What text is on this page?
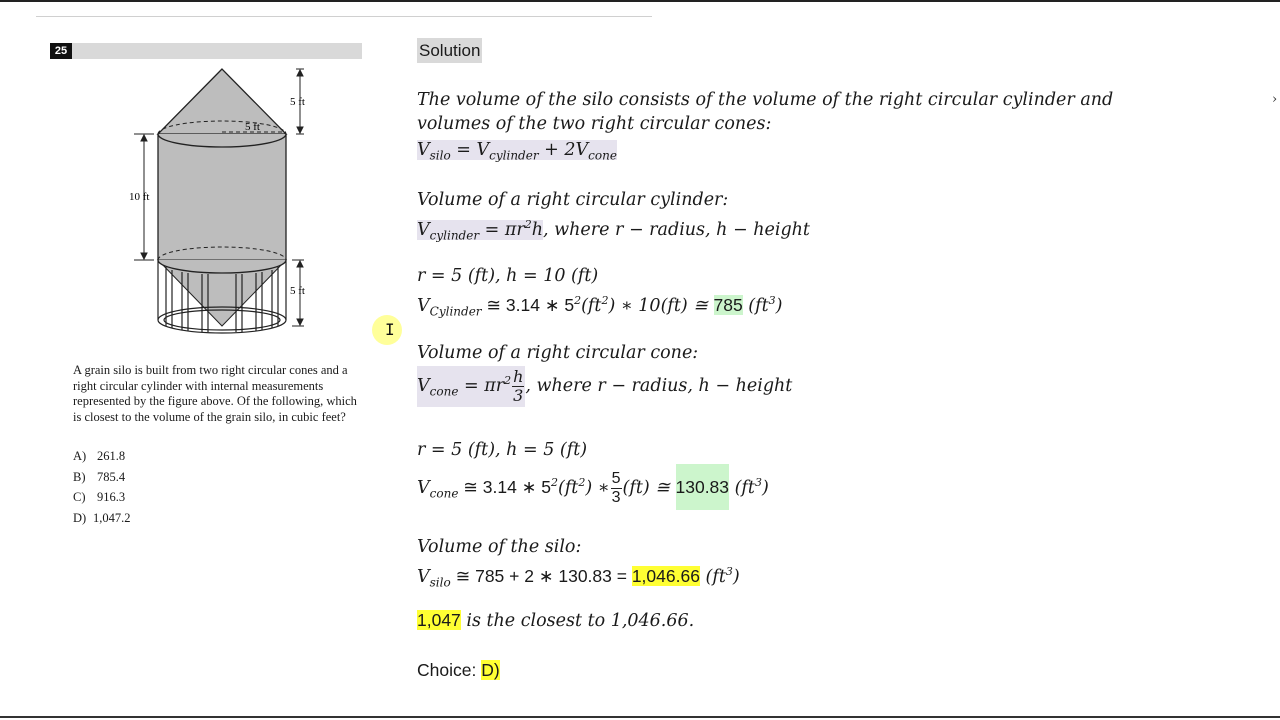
25
5 ft
5 ft
10 ft
5 ft
A grain silo is built from two right circular cones and a right circular cylinder with internal measurements represented by the figure above. Of the following, which is closest to the volume of the grain silo, in cubic feet?
A) 261.8
B) 785.4
C) 916.3
D) 1,047.2
Solution
The volume of the silo consists of the volume of the right circular cylinder and
volumes of the two right circular cones:
$V_{silo} = V_{cylinder} + 2V_{cone}$
Volume of a right circular cylinder:
$V_{cylinder} = \pi r^2h$, where r − radius, h − height
r = 5 (ft), h = 10 (ft)
$V_{Cylinder}$ ≅ 3.14 ∗ $5^2(ft^2)$ ∗ 10(ft) ≅ 785 $(ft^3)$
Volume of a right circular cone:
$V_{cone} = \pi r^2 \frac{h}{3}$ , where r − radius, h − height
r = 5 (ft), h = 5 (ft)
$V_{cone}$ ≅ 3.14 ∗ $5^2(ft^2)$ ∗ $\frac{5}{3} (ft)$ ≅ 130.83 $(ft^3)$
Volume of the silo:
$V_{silo}$ ≅ 785 + 2 ∗ 130.83 = 1,046.66 $(ft^3)$
1,047 is the closest to 1,046.66.
Choice: D)
I
›
